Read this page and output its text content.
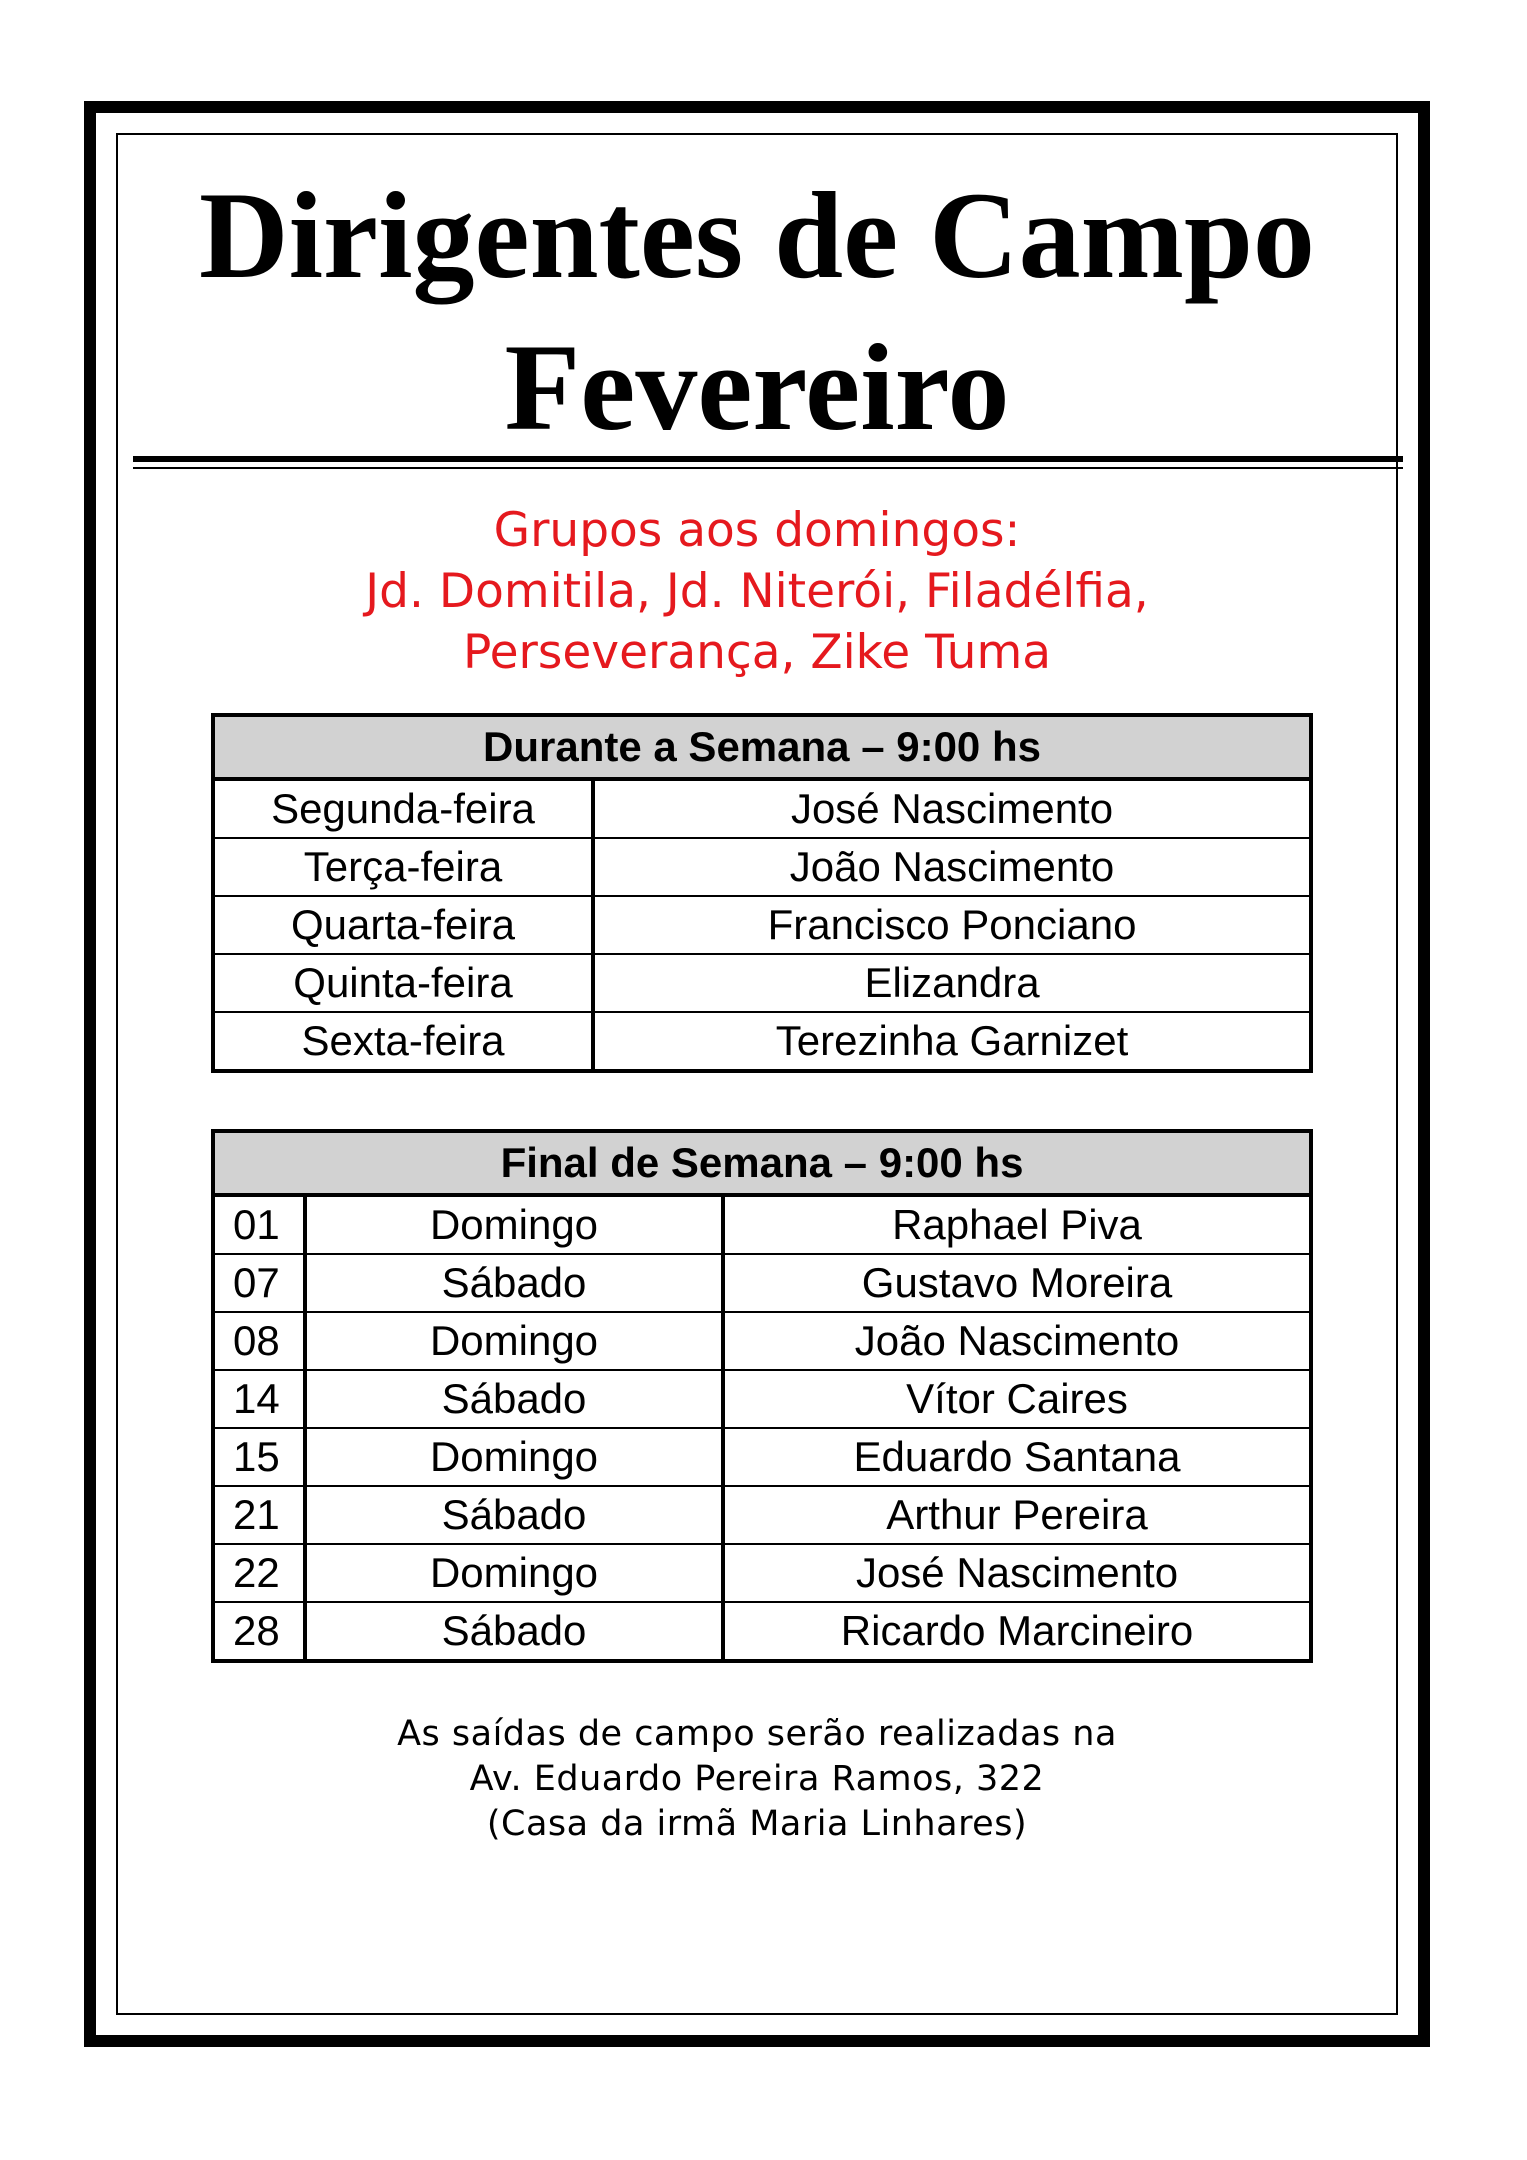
Dirigentes de Campo
Fevereiro
Grupos aos domingos:
Jd. Domitila, Jd. Niterói, Filadélfia,
Perseverança, Zike Tuma
Durante a Semana – 9:00 hs	
Segunda-feira	José Nascimento
Terça-feira	João Nascimento
Quarta-feira	Francisco Ponciano
Quinta-feira	Elizandra
Sexta-feira	Terezinha Garnizet
Final de Semana – 9:00 hs		
01	Domingo	Raphael Piva
07	Sábado	Gustavo Moreira
08	Domingo	João Nascimento
14	Sábado	Vítor Caires
15	Domingo	Eduardo Santana
21	Sábado	Arthur Pereira
22	Domingo	José Nascimento
28	Sábado	Ricardo Marcineiro
As saídas de campo serão realizadas na
Av. Eduardo Pereira Ramos, 322
(Casa da irmã Maria Linhares)
